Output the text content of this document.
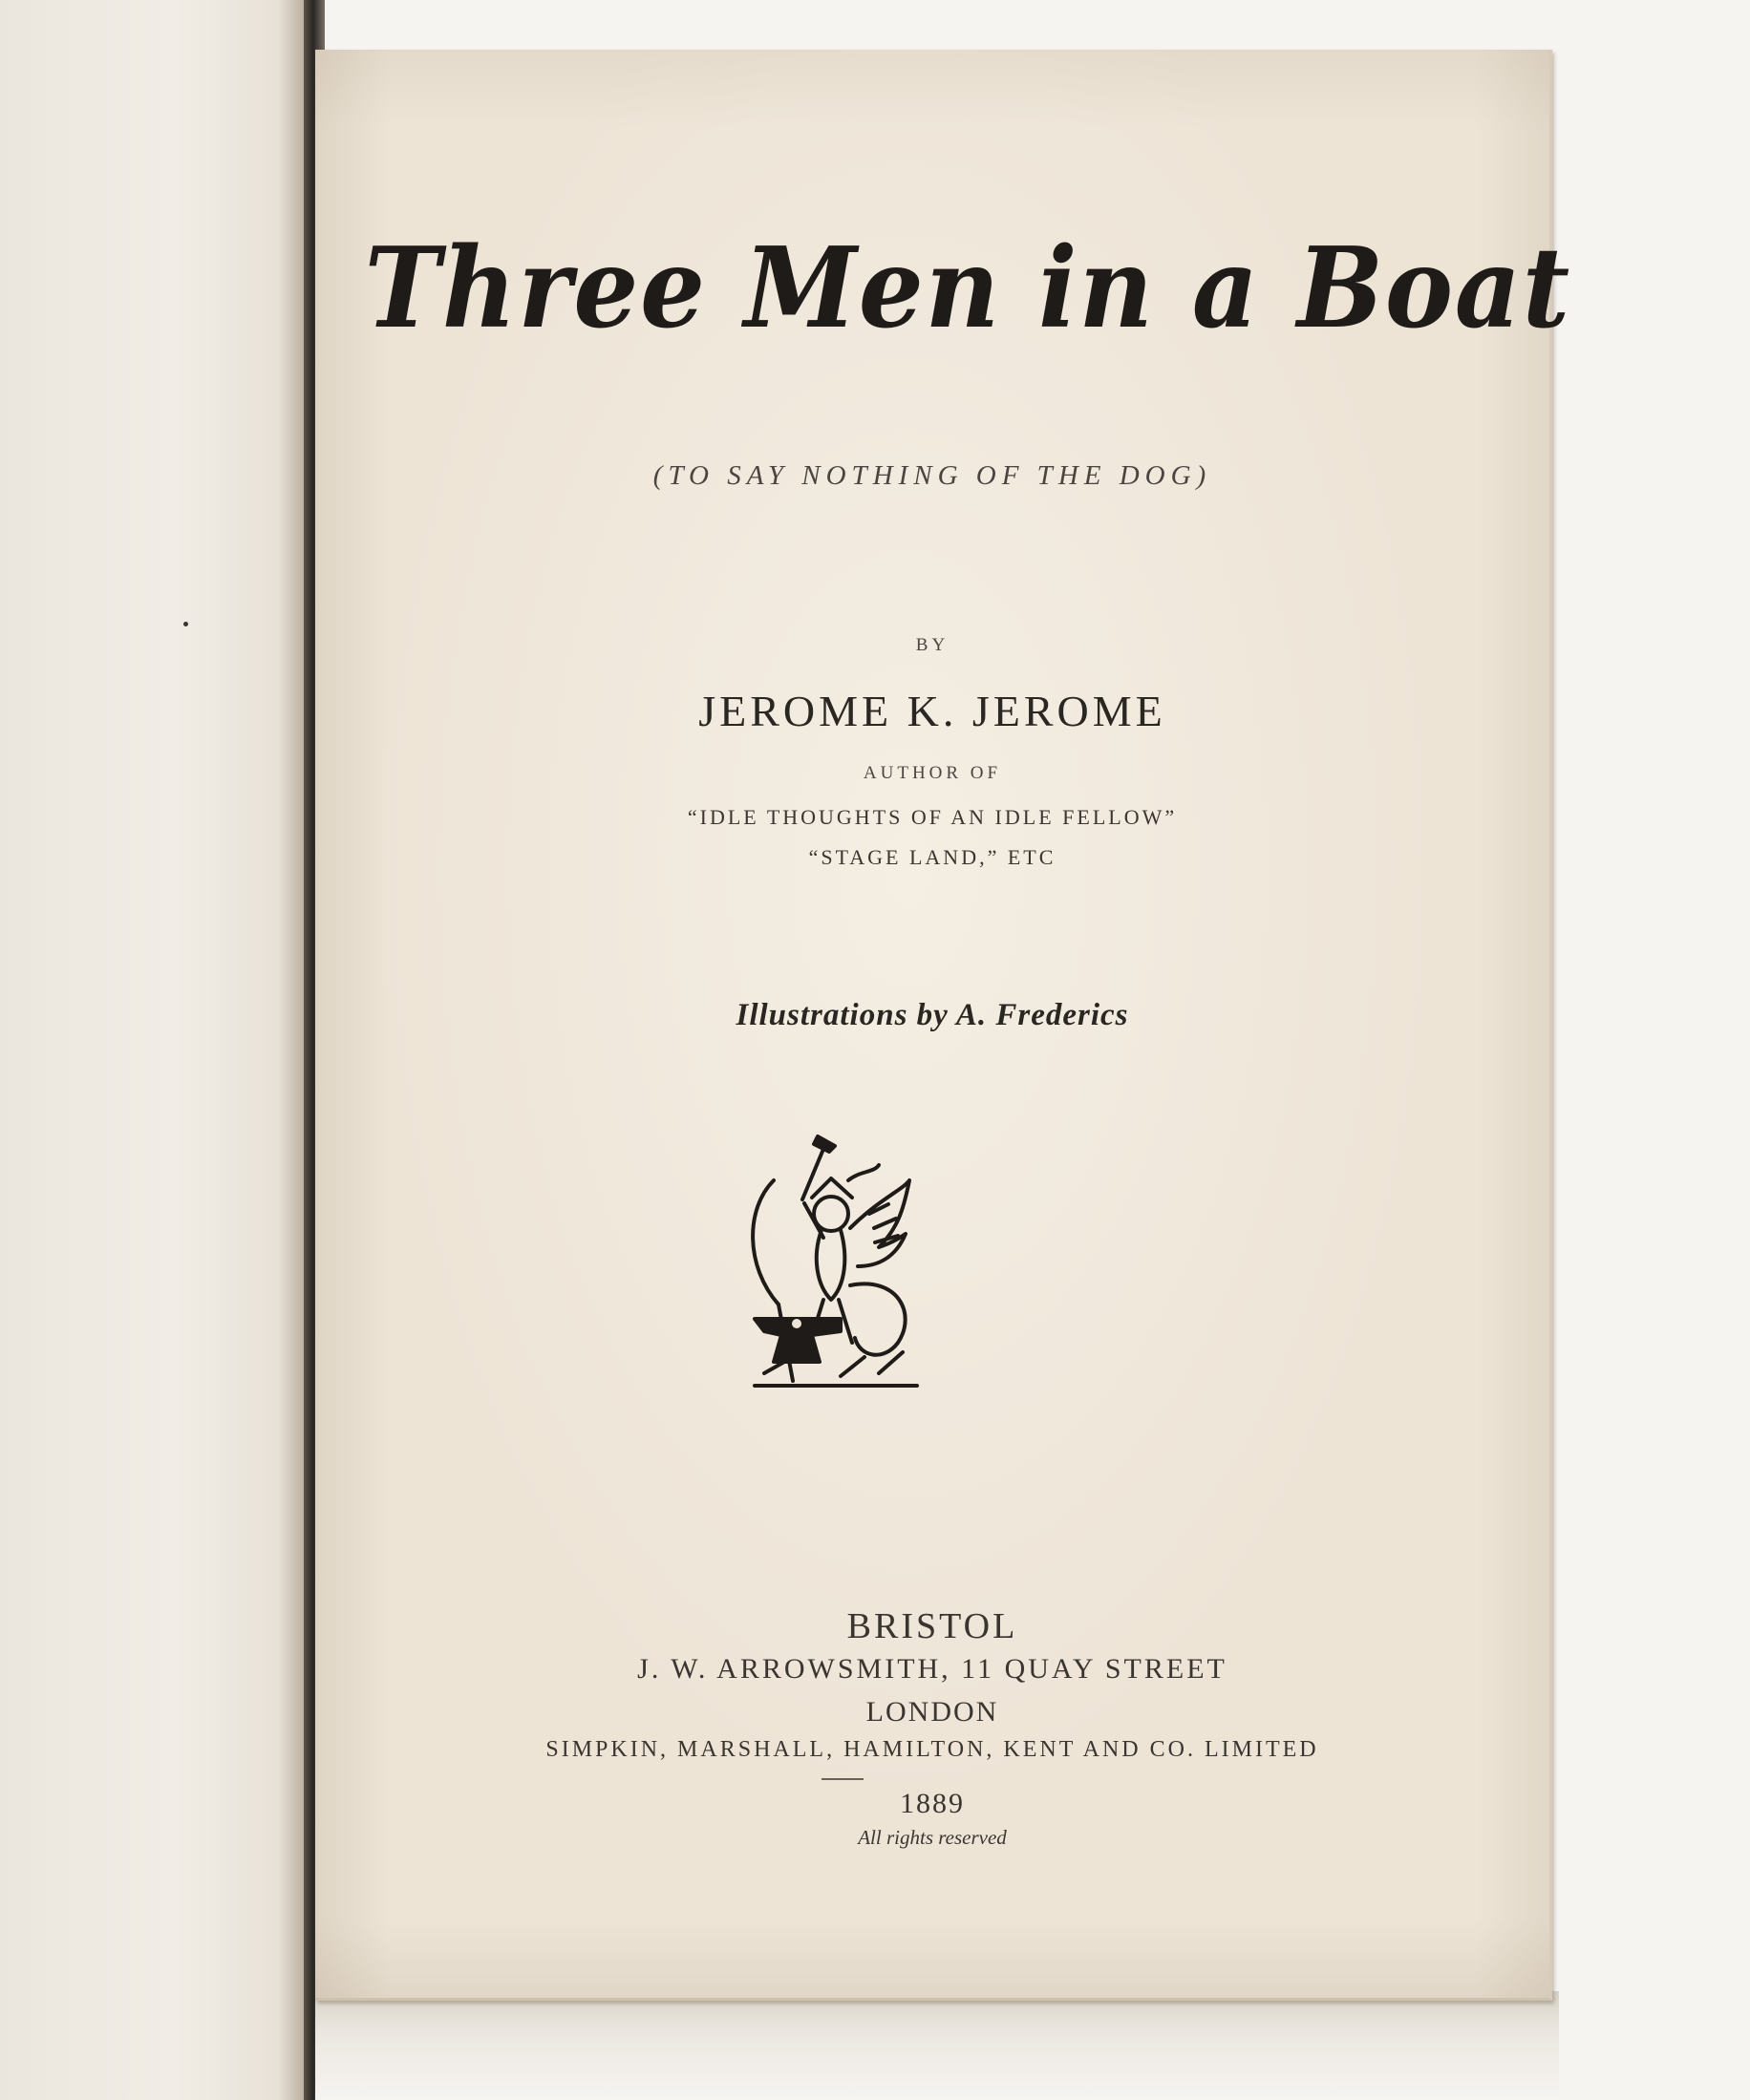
Three Men in a Boat
(TO SAY NOTHING OF THE DOG)
BY
JEROME K. JEROME
AUTHOR OF
“IDLE THOUGHTS OF AN IDLE FELLOW”
“STAGE LAND,” ETC
Illustrations by A. Frederics
BRISTOL
J. W. ARROWSMITH, 11 QUAY STREET
LONDON
SIMPKIN, MARSHALL, HAMILTON, KENT AND CO. LIMITED
1889
All rights reserved
